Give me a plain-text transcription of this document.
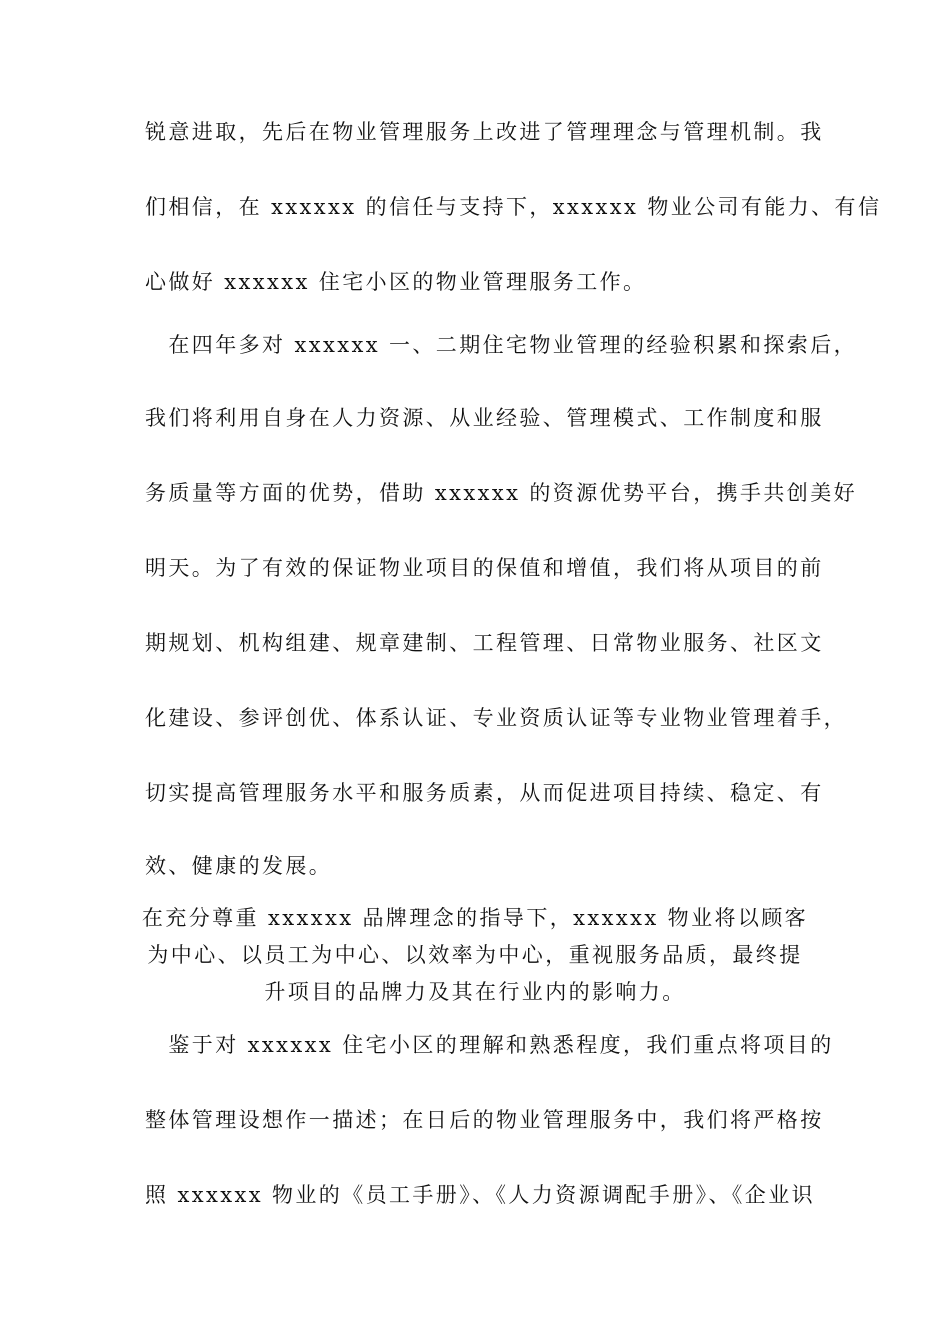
锐意进取，先后在物业管理服务上改进了管理理念与管理机制。我
们相信，在 xxxxxx 的信任与支持下，xxxxxx 物业公司有能力、有信
心做好 xxxxxx 住宅小区的物业管理服务工作。
　在四年多对 xxxxxx 一、二期住宅物业管理的经验积累和探索后，
我们将利用自身在人力资源、从业经验、管理模式、工作制度和服
务质量等方面的优势，借助 xxxxxx 的资源优势平台，携手共创美好
明天。为了有效的保证物业项目的保值和增值，我们将从项目的前
期规划、机构组建、规章建制、工程管理、日常物业服务、社区文
化建设、参评创优、体系认证、专业资质认证等专业物业管理着手，
切实提高管理服务水平和服务质素，从而促进项目持续、稳定、有
效、健康的发展。
在充分尊重 xxxxxx 品牌理念的指导下，xxxxxx 物业将以顾客
为中心、以员工为中心、以效率为中心，重视服务品质，最终提
升项目的品牌力及其在行业内的影响力。
　鉴于对 xxxxxx 住宅小区的理解和熟悉程度，我们重点将项目的
整体管理设想作一描述；在日后的物业管理服务中，我们将严格按
照 xxxxxx 物业的《员工手册》、《人力资源调配手册》、《企业识
